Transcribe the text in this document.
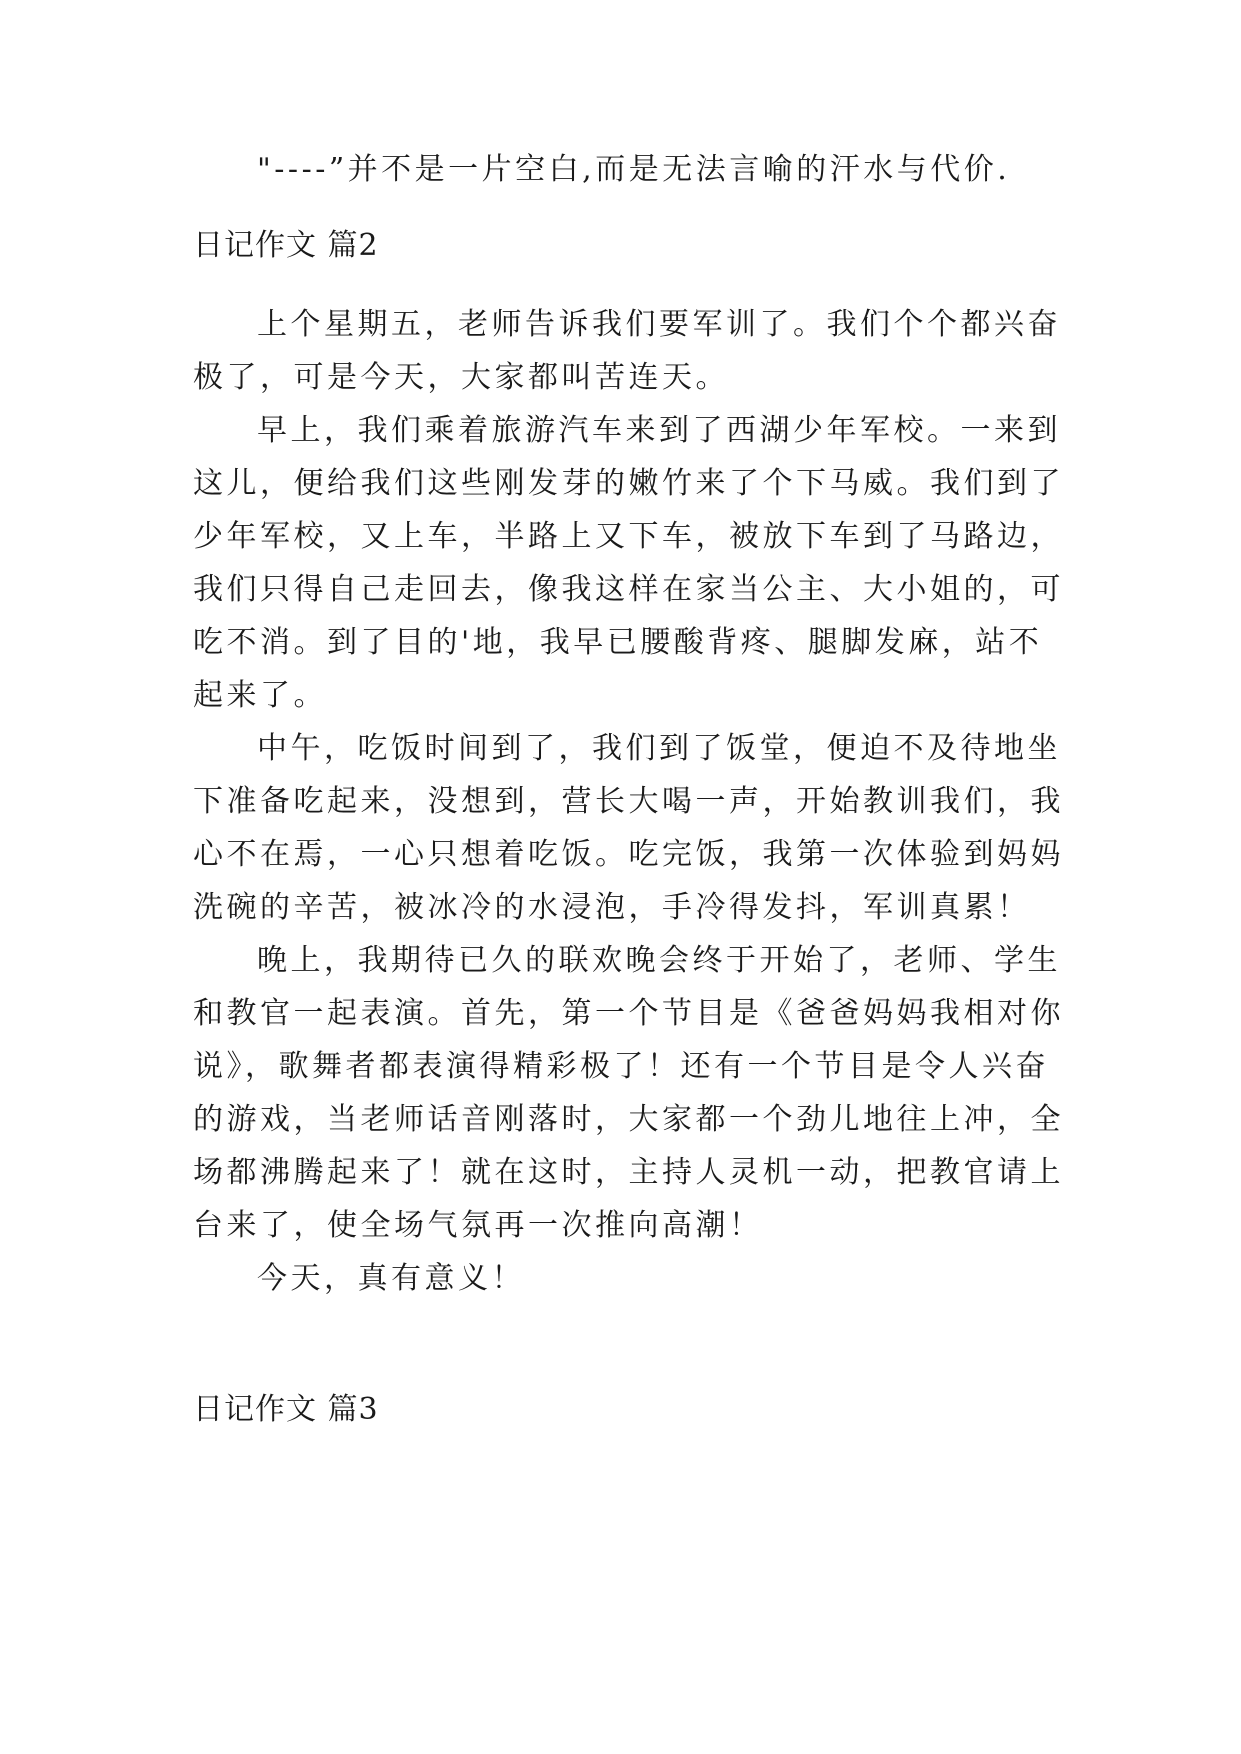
"----”并不是一片空白,而是无法言喻的汗水与代价.
日记作文 篇2
上个星期五，老师告诉我们要军训了。我们个个都兴奋
极了，可是今天，大家都叫苦连天。
早上，我们乘着旅游汽车来到了西湖少年军校。一来到
这儿，便给我们这些刚发芽的嫩竹来了个下马威。我们到了
少年军校，又上车，半路上又下车，被放下车到了马路边，
我们只得自己走回去，像我这样在家当公主、大小姐的，可
吃不消。到了目的'地，我早已腰酸背疼、腿脚发麻，站不
起来了。
中午，吃饭时间到了，我们到了饭堂，便迫不及待地坐
下准备吃起来，没想到，营长大喝一声，开始教训我们，我
心不在焉，一心只想着吃饭。吃完饭，我第一次体验到妈妈
洗碗的辛苦，被冰冷的水浸泡，手冷得发抖，军训真累！
晚上，我期待已久的联欢晚会终于开始了，老师、学生
和教官一起表演。首先，第一个节目是《爸爸妈妈我相对你
说》，歌舞者都表演得精彩极了！还有一个节目是令人兴奋
的游戏，当老师话音刚落时，大家都一个劲儿地往上冲，全
场都沸腾起来了！就在这时，主持人灵机一动，把教官请上
台来了，使全场气氛再一次推向高潮！
今天，真有意义！
日记作文 篇3
